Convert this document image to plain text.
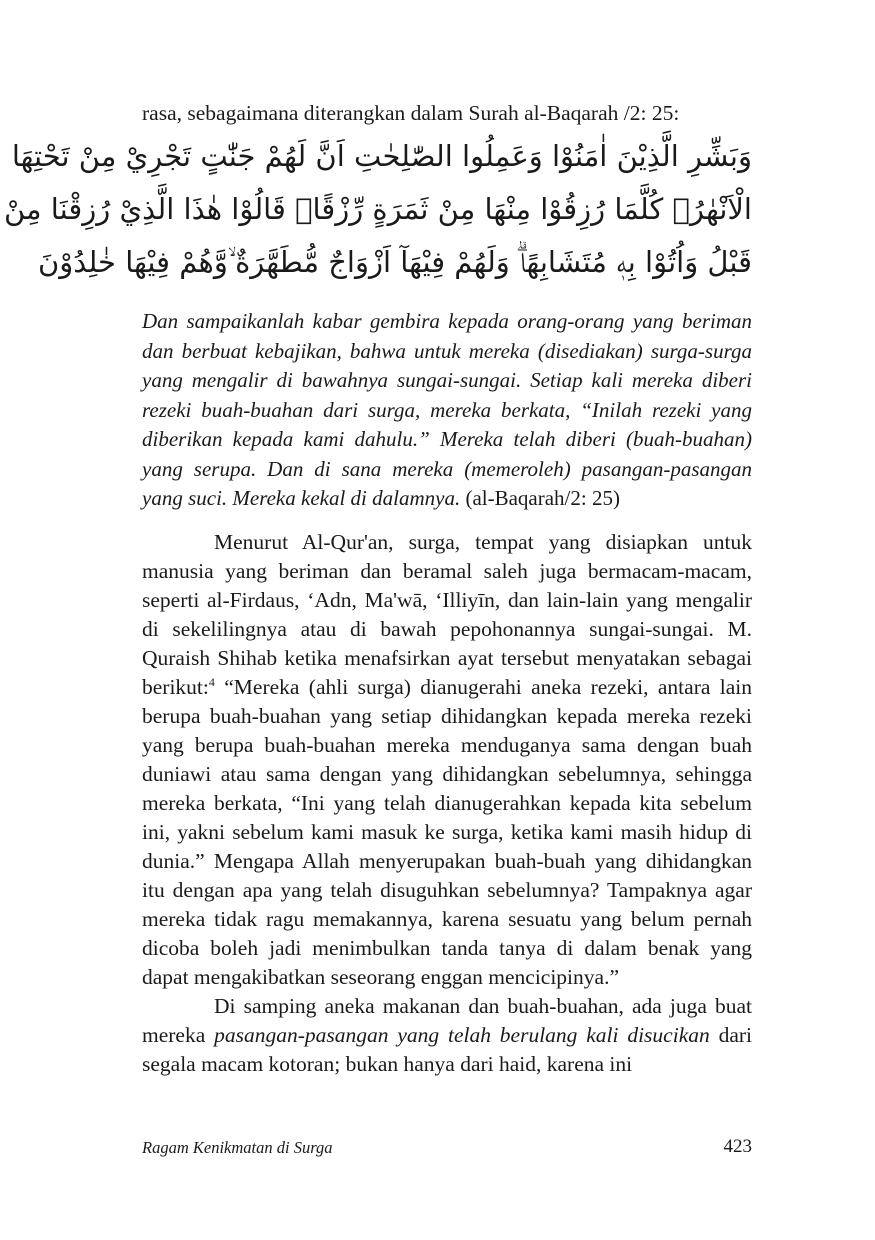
rasa, sebagaimana diterangkan dalam Surah al-Baqarah /2: 25:

وَبَشِّرِ الَّذِيْنَ اٰمَنُوْا وَعَمِلُوا الصّٰلِحٰتِ اَنَّ لَهُمْ جَنّٰتٍ تَجْرِيْ مِنْ تَحْتِهَا
الْاَنْهٰرُۗ كُلَّمَا رُزِقُوْا مِنْهَا مِنْ ثَمَرَةٍ رِّزْقًاۙ قَالُوْا هٰذَا الَّذِيْ رُزِقْنَا مِنْ
قَبْلُ وَاُتُوْا بِهٖ مُتَشَابِهًاۗ وَلَهُمْ فِيْهَآ اَزْوَاجٌ مُّطَهَّرَةٌ ۙوَّهُمْ فِيْهَا خٰلِدُوْنَ

Dan sampaikanlah kabar gembira kepada orang-orang yang beriman dan berbuat kebajikan, bahwa untuk mereka (disediakan) surga-surga yang mengalir di bawahnya sungai-sungai. Setiap kali mereka diberi rezeki buah-buahan dari surga, mereka berkata, “Inilah rezeki yang diberikan kepada kami dahulu.” Mereka telah diberi (buah-buahan) yang serupa. Dan di sana mereka (memeroleh) pasangan-pasangan yang suci. Mereka kekal di dalamnya. (al-Baqarah/2: 25)

Menurut Al-Qur'an, surga, tempat yang disiapkan untuk manusia yang beriman dan beramal saleh juga bermacam-macam, seperti al-Firdaus, ‘Adn, Ma'wā, ‘Illiyīn, dan lain-lain yang mengalir di sekelilingnya atau di bawah pepohonannya sungai-sungai. M. Quraish Shihab ketika menafsirkan ayat tersebut menyatakan sebagai berikut:$^4$ “Mereka (ahli surga) dianugerahi aneka rezeki, antara lain berupa buah-buahan yang setiap dihidangkan kepada mereka rezeki yang berupa buah-buahan mereka menduganya sama dengan buah duniawi atau sama dengan yang dihidangkan sebelumnya, sehingga mereka berkata, “Ini yang telah dianugerahkan kepada kita sebelum ini, yakni sebelum kami masuk ke surga, ketika kami masih hidup di dunia.” Mengapa Allah menyerupakan buah-buah yang dihidangkan itu dengan apa yang telah disuguhkan sebelumnya? Tampaknya agar mereka tidak ragu memakannya, karena sesuatu yang belum pernah dicoba boleh jadi menimbulkan tanda tanya di dalam benak yang dapat mengakibatkan seseorang enggan mencicipinya.”

Di samping aneka makanan dan buah-buahan, ada juga buat mereka pasangan-pasangan yang telah berulang kali disucikan dari segala macam kotoran; bukan hanya dari haid, karena ini

Ragam Kenikmatan di Surga	423
